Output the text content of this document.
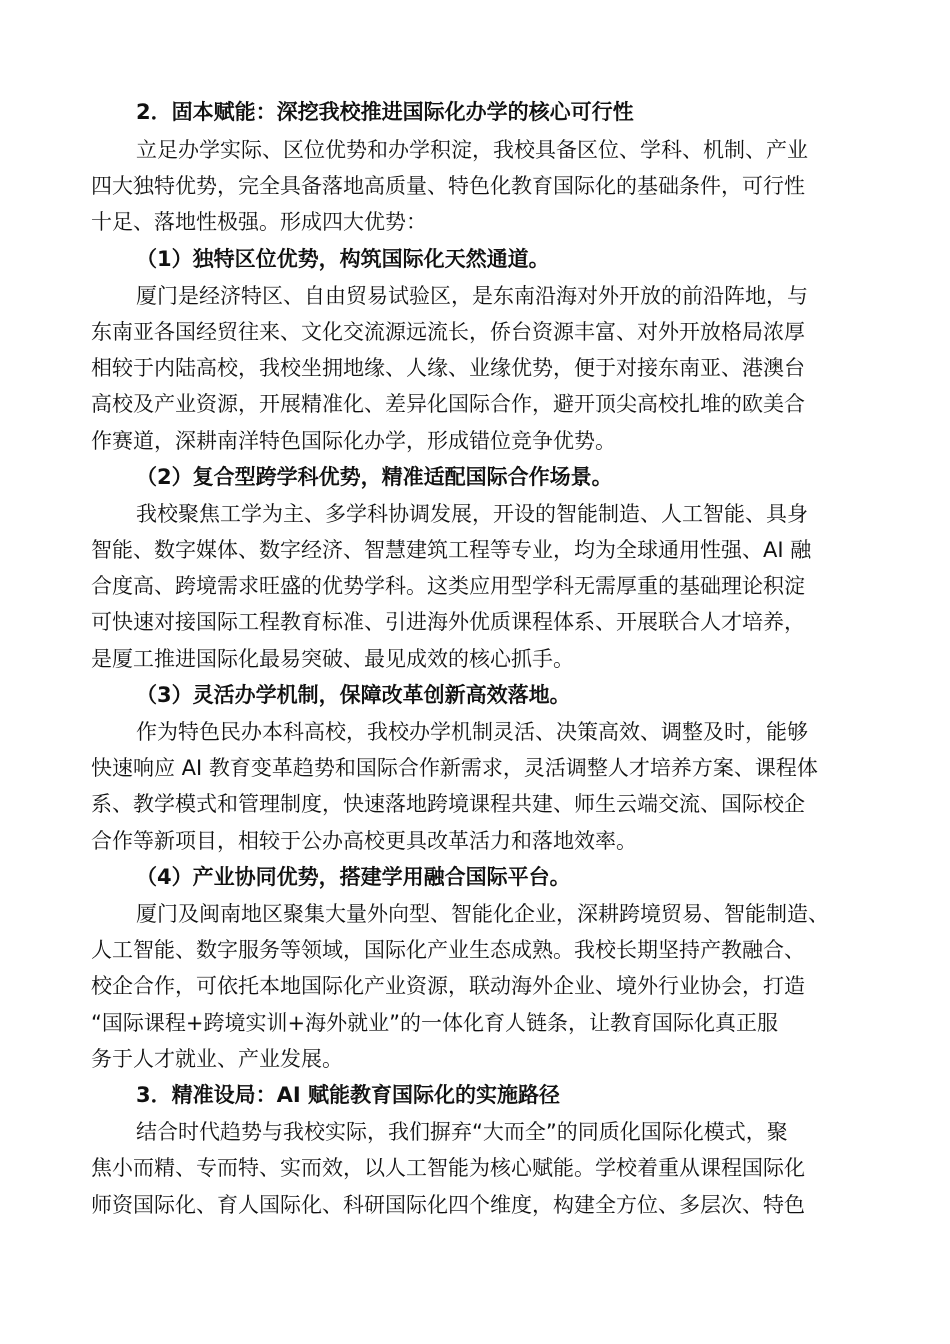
2．固本赋能：深挖我校推进国际化办学的核心可行性
立足办学实际、区位优势和办学积淀，我校具备区位、学科、机制、产业
四大独特优势，完全具备落地高质量、特色化教育国际化的基础条件，可行性
十足、落地性极强。形成四大优势：
（1）独特区位优势，构筑国际化天然通道。
厦门是经济特区、自由贸易试验区，是东南沿海对外开放的前沿阵地，与
东南亚各国经贸往来、文化交流源远流长，侨台资源丰富、对外开放格局浓厚
相较于内陆高校，我校坐拥地缘、人缘、业缘优势，便于对接东南亚、港澳台
高校及产业资源，开展精准化、差异化国际合作，避开顶尖高校扎堆的欧美合
作赛道，深耕南洋特色国际化办学，形成错位竞争优势。
（2）复合型跨学科优势，精准适配国际合作场景。
我校聚焦工学为主、多学科协调发展，开设的智能制造、人工智能、具身
智能、数字媒体、数字经济、智慧建筑工程等专业，均为全球通用性强、AI 融
合度高、跨境需求旺盛的优势学科。这类应用型学科无需厚重的基础理论积淀
可快速对接国际工程教育标准、引进海外优质课程体系、开展联合人才培养，
是厦工推进国际化最易突破、最见成效的核心抓手。
（3）灵活办学机制，保障改革创新高效落地。
作为特色民办本科高校，我校办学机制灵活、决策高效、调整及时，能够
快速响应 AI 教育变革趋势和国际合作新需求，灵活调整人才培养方案、课程体
系、教学模式和管理制度，快速落地跨境课程共建、师生云端交流、国际校企
合作等新项目，相较于公办高校更具改革活力和落地效率。
（4）产业协同优势，搭建学用融合国际平台。
厦门及闽南地区聚集大量外向型、智能化企业，深耕跨境贸易、智能制造、
人工智能、数字服务等领域，国际化产业生态成熟。我校长期坚持产教融合、
校企合作，可依托本地国际化产业资源，联动海外企业、境外行业协会，打造
“国际课程+跨境实训+海外就业”的一体化育人链条，让教育国际化真正服
务于人才就业、产业发展。
3．精准设局：AI 赋能教育国际化的实施路径
结合时代趋势与我校实际，我们摒弃“大而全”的同质化国际化模式，聚
焦小而精、专而特、实而效，以人工智能为核心赋能。学校着重从课程国际化
师资国际化、育人国际化、科研国际化四个维度，构建全方位、多层次、特色
